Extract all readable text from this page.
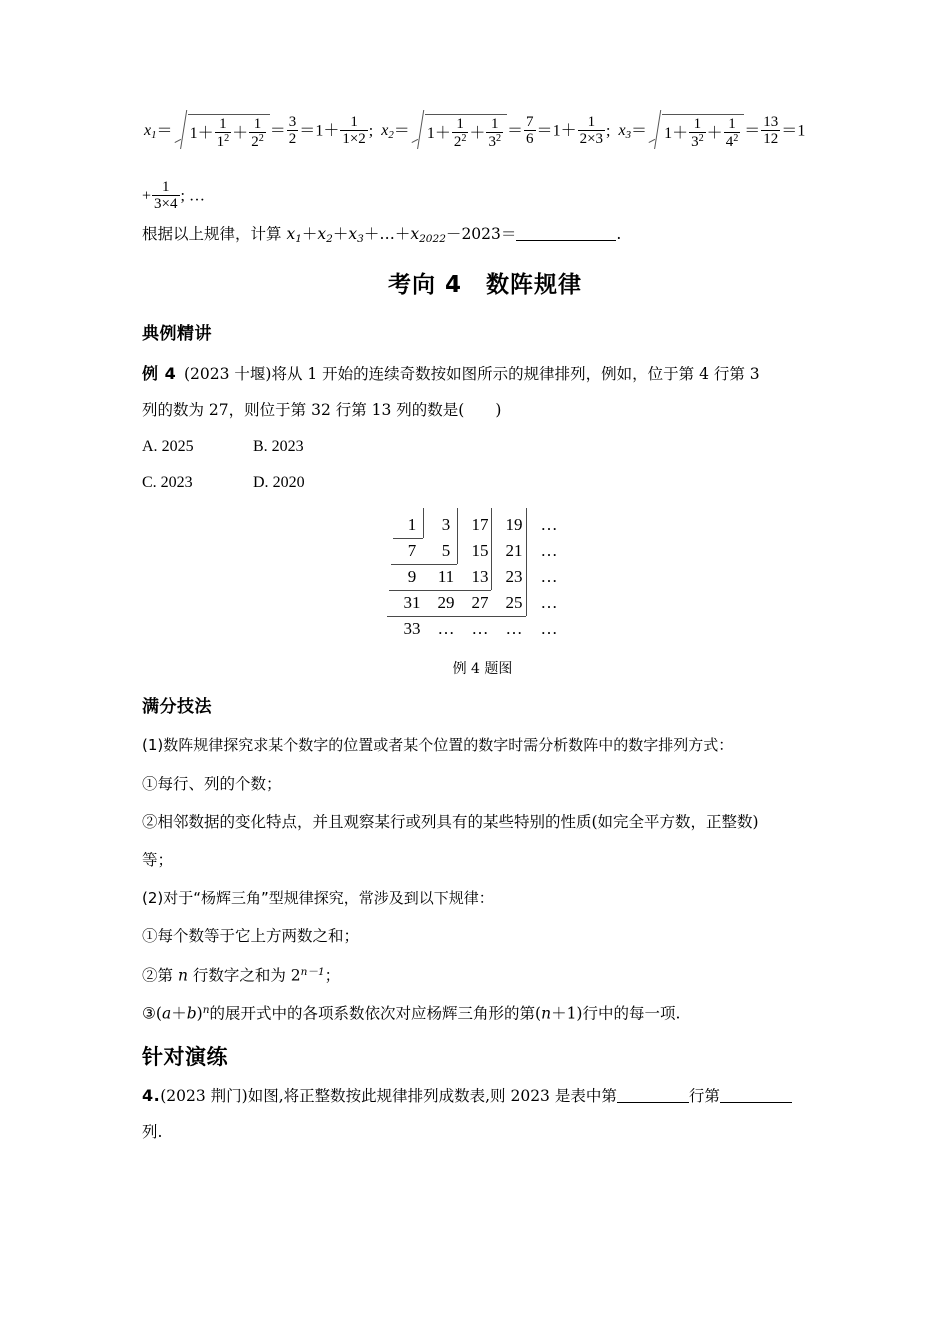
$x_1= 1+ \frac{1}{1^2} + \frac{1}{2^2} = \frac{3}{2} =1+ \frac{1}{1\times 2}$ ; $x_2= 1+ \frac{1}{2^2} + \frac{1}{3^2} = \frac{7}{6} =1+ \frac{1}{2\times 3}$ ; $x_3= 1+ \frac{1}{3^2} + \frac{1}{4^2} = \frac{13}{12} =1$
+ $\frac{1}{3\times 4}$ ; …
根据以上规律，计算 $x_1+x_2+x_3+\dots+x_{2022}-2023=$	.
考向 4　数阵规律
典例精讲
例 4 (2023 十堰)将从 1 开始的连续奇数按如图所示的规律排列，例如，位于第 4 行第 3
列的数为 27，则位于第 32 行第 13 列的数是(　　)
A. 2025	B. 2023
C. 2023	D. 2020
1	3	17	19	…
7	5	15	21	…
9	11	13	23	…
31	29	27	25	…
33	…	…	…	…
例 4 题图
满分技法
(1)数阵规律探究求某个数字的位置或者某个位置的数字时需分析数阵中的数字排列方式：
①每行、列的个数；
②相邻数据的变化特点，并且观察某行或列具有的某些特别的性质(如完全平方数，正整数)
等；
(2)对于“杨辉三角”型规律探究，常涉及到以下规律：
①每个数等于它上方两数之和；
②第 n 行数字之和为 $2^{n-1}$；
$③(a+b)^n$的展开式中的各项系数依次对应杨辉三角形的第(n＋1)行中的每一项.
针对演练
4.(2023 荆门)如图,将正整数按此规律排列成数表,则 2023 是表中第	行第
列.
